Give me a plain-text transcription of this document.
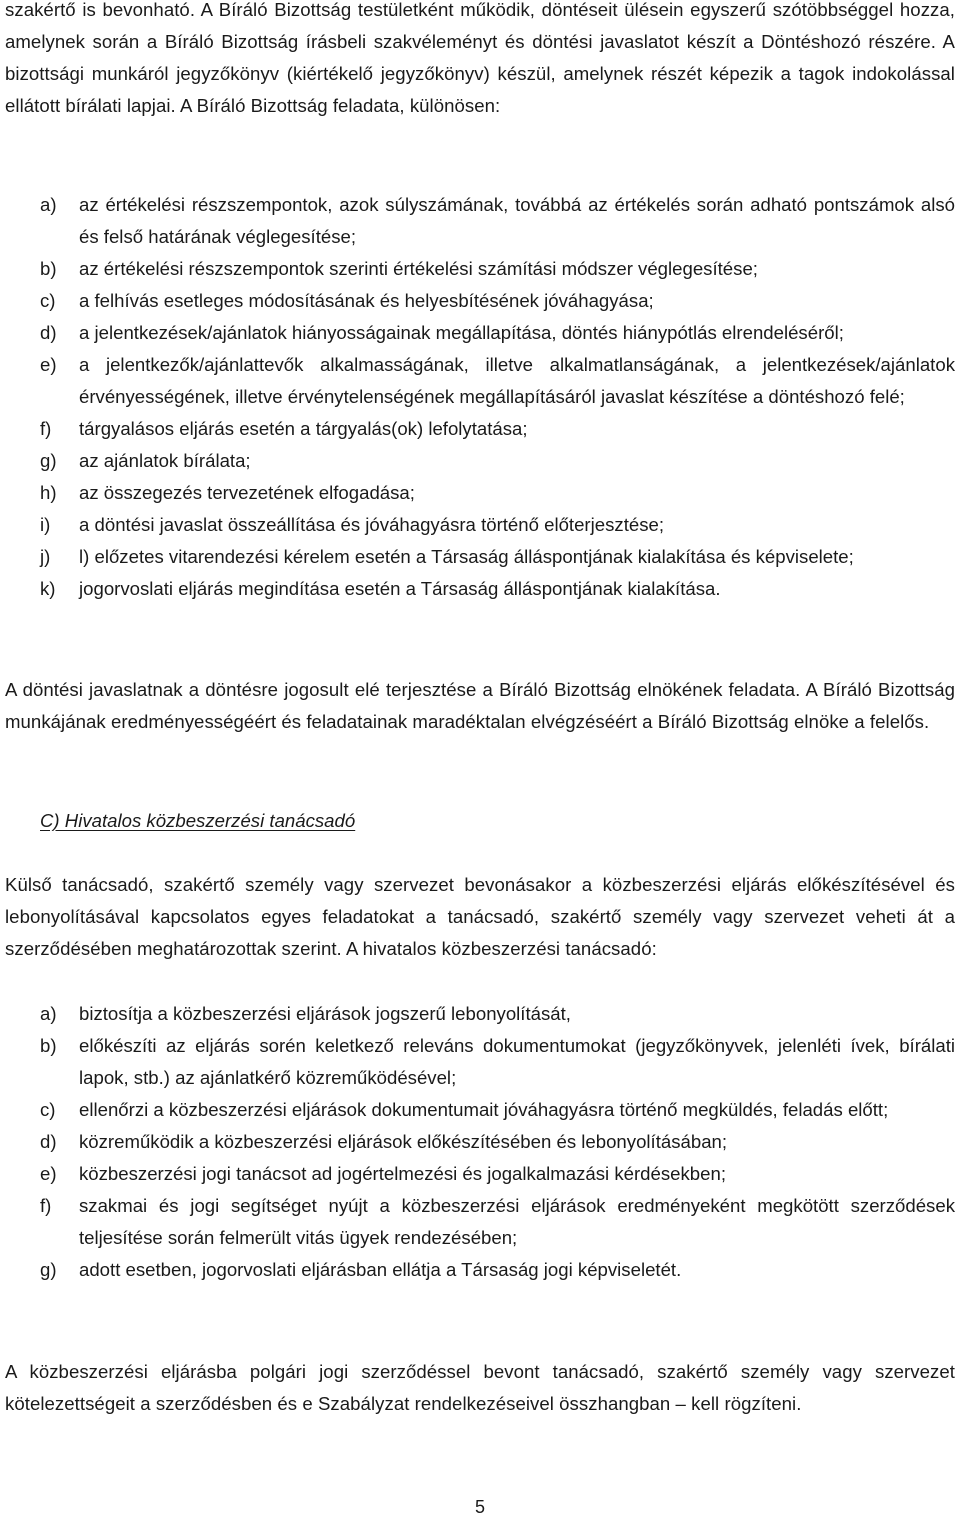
szakértő is bevonható. A Bíráló Bizottság testületként működik, döntéseit ülésein egyszerű szótöbbséggel hozza, amelynek során a Bíráló Bizottság írásbeli szakvéleményt és döntési javaslatot készít a Döntéshozó részére. A bizottsági munkáról jegyzőkönyv (kiértékelő jegyzőkönyv) készül, amelynek részét képezik a tagok indokolással ellátott bírálati lapjai. A Bíráló Bizottság feladata, különösen:

a) az értékelési részszempontok, azok súlyszámának, továbbá az értékelés során adható pontszámok alsó és felső határának véglegesítése;
b) az értékelési részszempontok szerinti értékelési számítási módszer véglegesítése;
c) a felhívás esetleges módosításának és helyesbítésének jóváhagyása;
d) a jelentkezések/ajánlatok hiányosságainak megállapítása, döntés hiánypótlás elrendeléséről;
e) a jelentkezők/ajánlattevők alkalmasságának, illetve alkalmatlanságának, a jelentkezések/ajánlatok érvényességének, illetve érvénytelenségének megállapításáról javaslat készítése a döntéshozó felé;
f) tárgyalásos eljárás esetén a tárgyalás(ok) lefolytatása;
g) az ajánlatok bírálata;
h) az összegezés tervezetének elfogadása;
i) a döntési javaslat összeállítása és jóváhagyásra történő előterjesztése;
j) l) előzetes vitarendezési kérelem esetén a Társaság álláspontjának kialakítása és képviselete;
k) jogorvoslati eljárás megindítása esetén a Társaság álláspontjának kialakítása.

A döntési javaslatnak a döntésre jogosult elé terjesztése a Bíráló Bizottság elnökének feladata. A Bíráló Bizottság munkájának eredményességéért és feladatainak maradéktalan elvégzéséért a Bíráló Bizottság elnöke a felelős.

C) Hivatalos közbeszerzési tanácsadó

Külső tanácsadó, szakértő személy vagy szervezet bevonásakor a közbeszerzési eljárás előkészítésével és lebonyolításával kapcsolatos egyes feladatokat a tanácsadó, szakértő személy vagy szervezet veheti át a szerződésében meghatározottak szerint. A hivatalos közbeszerzési tanácsadó:

a) biztosítja a közbeszerzési eljárások jogszerű lebonyolítását,
b) előkészíti az eljárás sorén keletkező releváns dokumentumokat (jegyzőkönyvek, jelenléti ívek, bírálati lapok, stb.) az ajánlatkérő közreműködésével;
c) ellenőrzi a közbeszerzési eljárások dokumentumait jóváhagyásra történő megküldés, feladás előtt;
d) közreműködik a közbeszerzési eljárások előkészítésében és lebonyolításában;
e) közbeszerzési jogi tanácsot ad jogértelmezési és jogalkalmazási kérdésekben;
f) szakmai és jogi segítséget nyújt a közbeszerzési eljárások eredményeként megkötött szerződések teljesítése során felmerült vitás ügyek rendezésében;
g) adott esetben, jogorvoslati eljárásban ellátja a Társaság jogi képviseletét.

A közbeszerzési eljárásba polgári jogi szerződéssel bevont tanácsadó, szakértő személy vagy szervezet kötelezettségeit a szerződésben és e Szabályzat rendelkezéseivel összhangban – kell rögzíteni.

5
